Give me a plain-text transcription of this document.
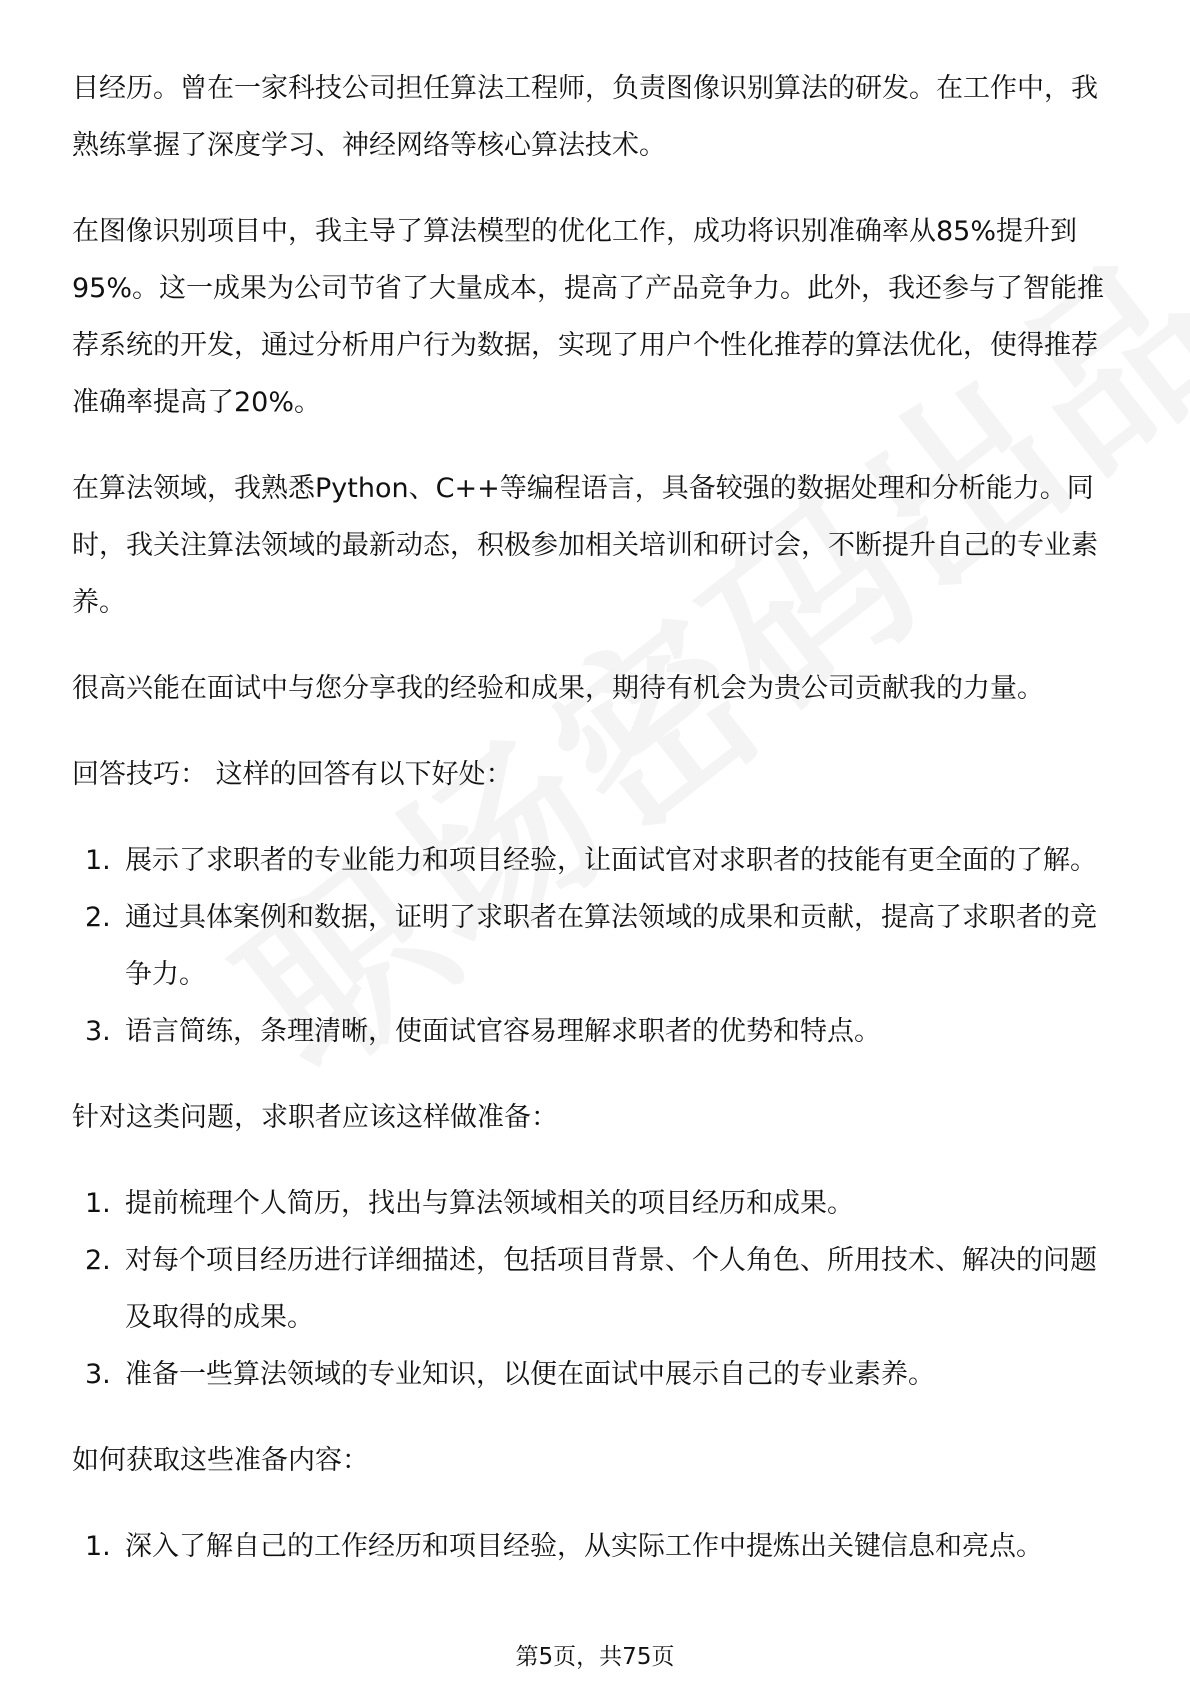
目经历。曾在一家科技公司担任算法工程师，负责图像识别算法的研发。在工作中，我熟练掌握了深度学习、神经网络等核心算法技术。

在图像识别项目中，我主导了算法模型的优化工作，成功将识别准确率从85%提升到95%。这一成果为公司节省了大量成本，提高了产品竞争力。此外，我还参与了智能推荐系统的开发，通过分析用户行为数据，实现了用户个性化推荐的算法优化，使得推荐准确率提高了20%。

在算法领域，我熟悉Python、C++等编程语言，具备较强的数据处理和分析能力。同时，我关注算法领域的最新动态，积极参加相关培训和研讨会，不断提升自己的专业素养。

很高兴能在面试中与您分享我的经验和成果，期待有机会为贵公司贡献我的力量。

回答技巧： 这样的回答有以下好处：

1. 展示了求职者的专业能力和项目经验，让面试官对求职者的技能有更全面的了解。
2. 通过具体案例和数据，证明了求职者在算法领域的成果和贡献，提高了求职者的竞争力。
3. 语言简练，条理清晰，使面试官容易理解求职者的优势和特点。

针对这类问题，求职者应该这样做准备：

1. 提前梳理个人简历，找出与算法领域相关的项目经历和成果。
2. 对每个项目经历进行详细描述，包括项目背景、个人角色、所用技术、解决的问题及取得的成果。
3. 准备一些算法领域的专业知识，以便在面试中展示自己的专业素养。

如何获取这些准备内容：

1. 深入了解自己的工作经历和项目经验，从实际工作中提炼出关键信息和亮点。
第5页，共75页
